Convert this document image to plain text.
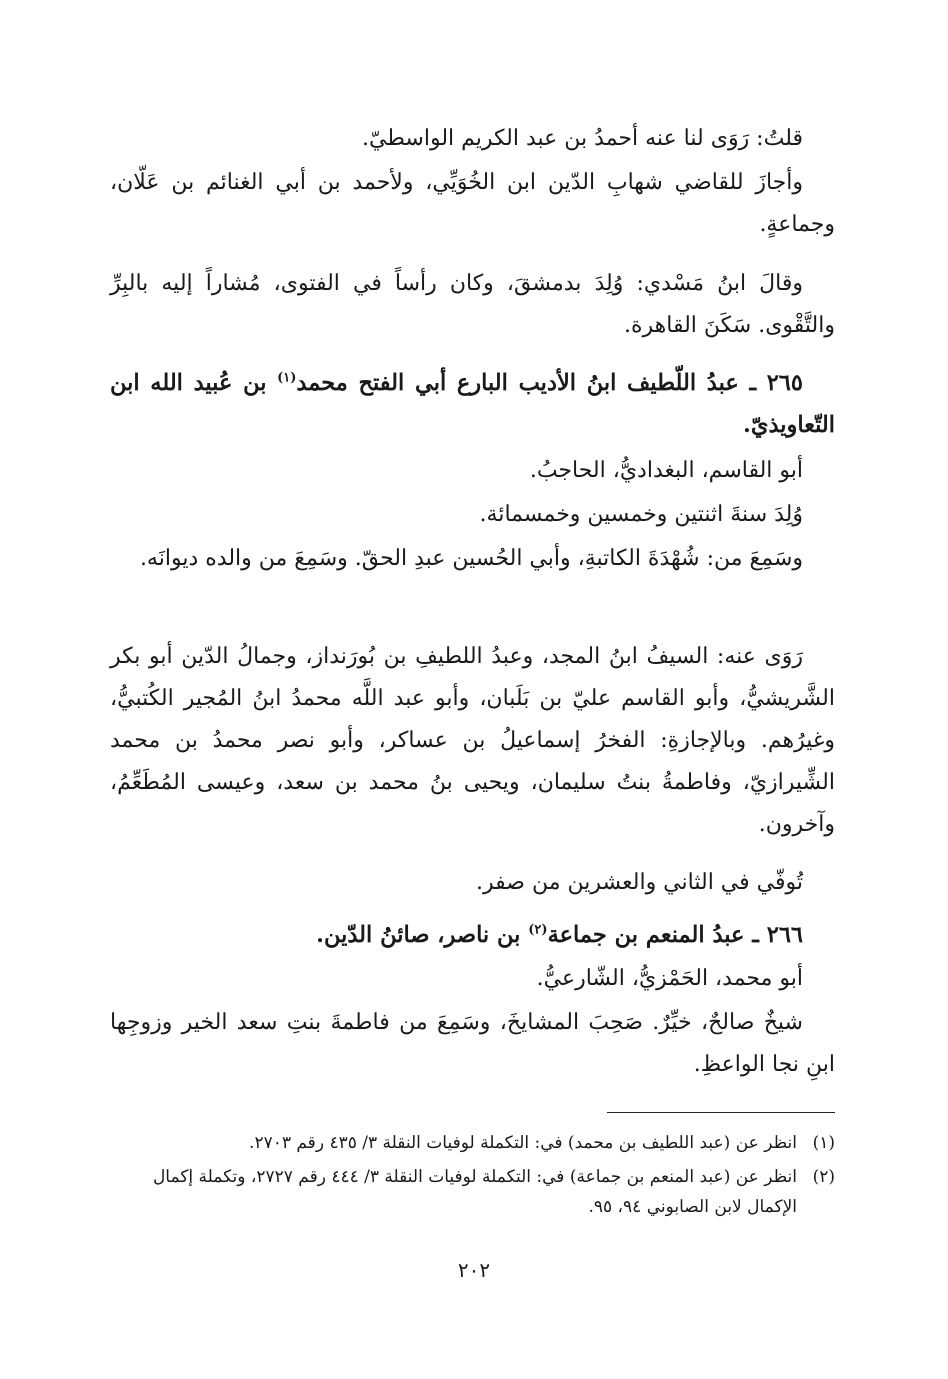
قلتُ: رَوَى لنا عنه أحمدُ بن عبد الكريم الواسطيّ.

وأجازَ للقاضي شهابِ الدّين ابن الخُوَيِّي، ولأحمد بن أبي الغنائم بن عَلّان، وجماعةٍ.

وقالَ ابنُ مَسْدي: وُلِدَ بدمشقَ، وكان رأساً في الفتوى، مُشاراً إليه بالبِرِّ والتَّقْوى. سَكَنَ القاهرة.

٢٦٥ ـ عبدُ اللّطيف ابنُ الأديب البارع أبي الفتح محمد$^{(١)}$ بن عُبيد الله ابن التّعاويذيّ.

أبو القاسم، البغداديُّ، الحاجبُ.

وُلِدَ سنةَ اثنتين وخمسين وخمسمائة.

وسَمِعَ من: شُهْدَةَ الكاتبةِ، وأبي الحُسين عبدِ الحقّ. وسَمِعَ من والده ديوانَه.

رَوَى عنه: السيفُ ابنُ المجد، وعبدُ اللطيفِ بن بُورَنداز، وجمالُ الدّين أبو بكر الشَّريشيُّ، وأبو القاسم عليّ بن بَلَبان، وأبو عبد اللَّه محمدُ ابنُ المُجير الكُتبيُّ، وغيرُهم. وبالإجازةِ: الفخرُ إسماعيلُ بن عساكر، وأبو نصر محمدُ بن محمد الشِّيرازيّ، وفاطمةُ بنتُ سليمان، ويحيى بنُ محمد بن سعد، وعيسى المُطَعِّمُ، وآخرون.

تُوفّي في الثاني والعشرين من صفر.

٢٦٦ ـ عبدُ المنعم بن جماعة$^{(٢)}$ بن ناصر، صائنُ الدّين.

أبو محمد، الحَمْزيُّ، الشّارعيُّ.

شيخٌ صالحٌ، خيِّرٌ. صَحِبَ المشايخَ، وسَمِعَ من فاطمةَ بنتِ سعد الخير وزوجِها ابنِ نجا الواعظِ.

(١)انظر عن (عبد اللطيف بن محمد) في: التكملة لوفيات النقلة ٣/ ٤٣٥ رقم ٢٧٠٣.
(٢)انظر عن (عبد المنعم بن جماعة) في: التكملة لوفيات النقلة ٣/ ٤٤٤ رقم ٢٧٢٧، وتكملة إكمال
الإكمال لابن الصابوني ٩٤، ٩٥.
٢٠٢
